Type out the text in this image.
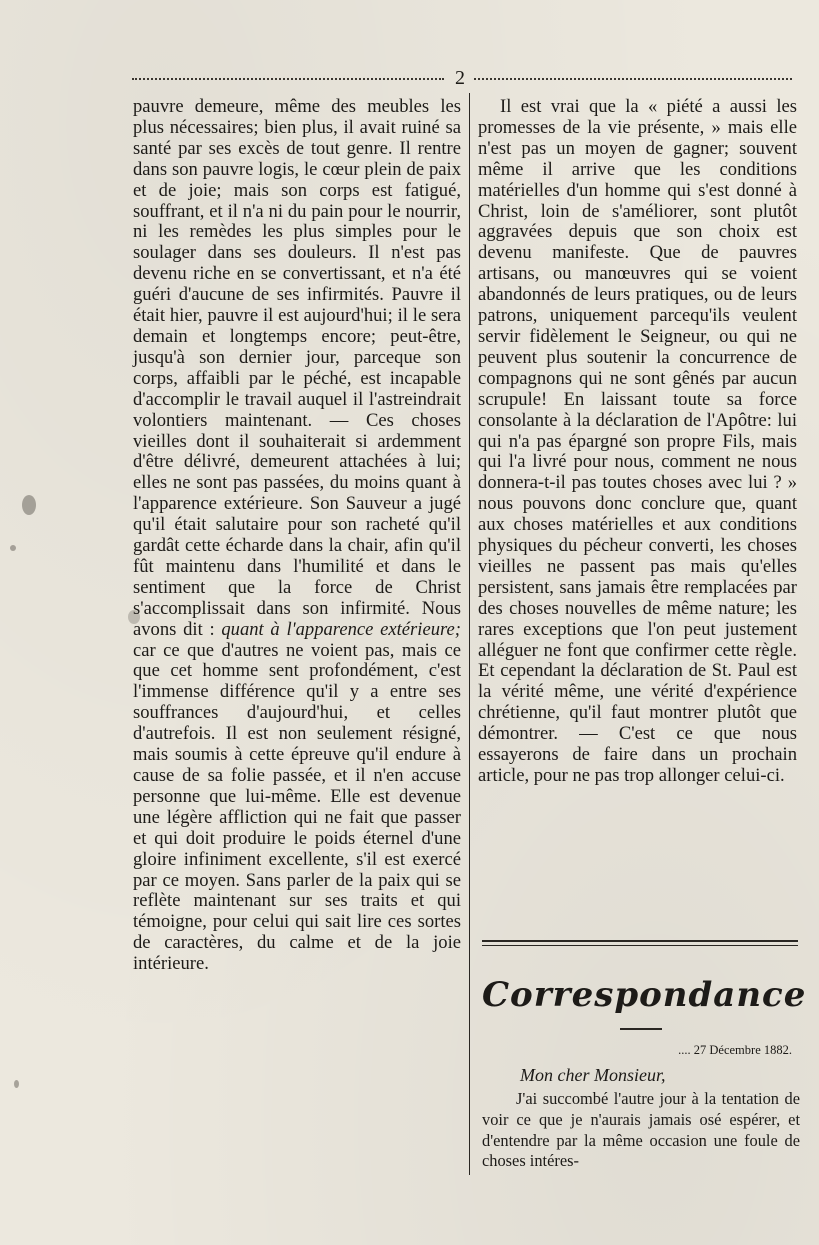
2

pauvre demeure, même des meubles les plus nécessaires; bien plus, il avait ruiné sa santé par ses excès de tout genre. Il rentre dans son pauvre logis, le cœur plein de paix et de joie; mais son corps est fatigué, souffrant, et il n'a ni du pain pour le nourrir, ni les remèdes les plus simples pour le soulager dans ses douleurs. Il n'est pas devenu riche en se convertissant, et n'a été guéri d'aucune de ses infirmités. Pauvre il était hier, pauvre il est aujourd'hui; il le sera demain et longtemps encore; peut-être, jusqu'à son dernier jour, parceque son corps, affaibli par le péché, est incapable d'accomplir le travail auquel il l'astreindrait volontiers maintenant. — Ces choses vieilles dont il souhaiterait si ardemment d'être délivré, demeurent attachées à lui; elles ne sont pas passées, du moins quant à l'apparence extérieure. Son Sauveur a jugé qu'il était salutaire pour son racheté qu'il gardât cette écharde dans la chair, afin qu'il fût maintenu dans l'humilité et dans le sentiment que la force de Christ s'accomplissait dans son infirmité. Nous avons dit : quant à l'apparence extérieure; car ce que d'autres ne voient pas, mais ce que cet homme sent profondément, c'est l'immense différence qu'il y a entre ses souffrances d'aujourd'hui, et celles d'autrefois. Il est non seulement résigné, mais soumis à cette épreuve qu'il endure à cause de sa folie passée, et il n'en accuse personne que lui-même. Elle est devenue une légère affliction qui ne fait que passer et qui doit produire le poids éternel d'une gloire infiniment excellente, s'il est exercé par ce moyen. Sans parler de la paix qui se reflète maintenant sur ses traits et qui témoigne, pour celui qui sait lire ces sortes de caractères, du calme et de la joie intérieure.

Il est vrai que la « piété a aussi les promesses de la vie présente, » mais elle n'est pas un moyen de gagner; souvent même il arrive que les conditions matérielles d'un homme qui s'est donné à Christ, loin de s'améliorer, sont plutôt aggravées depuis que son choix est devenu manifeste. Que de pauvres artisans, ou manœuvres qui se voient abandonnés de leurs pratiques, ou de leurs patrons, uniquement parcequ'ils veulent servir fidèlement le Seigneur, ou qui ne peuvent plus soutenir la concurrence de compagnons qui ne sont gênés par aucun scrupule! En laissant toute sa force consolante à la déclaration de l'Apôtre: lui qui n'a pas épargné son propre Fils, mais qui l'a livré pour nous, comment ne nous donnera-t-il pas toutes choses avec lui ? » nous pouvons donc conclure que, quant aux choses matérielles et aux conditions physiques du pécheur converti, les choses vieilles ne passent pas mais qu'elles persistent, sans jamais être remplacées par des choses nouvelles de même nature; les rares exceptions que l'on peut justement alléguer ne font que confirmer cette règle. Et cependant la déclaration de St. Paul est la vérité même, une vérité d'expérience chrétienne, qu'il faut montrer plutôt que démontrer. — C'est ce que nous essayerons de faire dans un prochain article, pour ne pas trop allonger celui-ci.

Correspondance
.... 27 Décembre 1882.
Mon cher Monsieur,

J'ai succombé l'autre jour à la tentation de voir ce que je n'aurais jamais osé espérer, et d'entendre par la même occasion une foule de choses intéres-
